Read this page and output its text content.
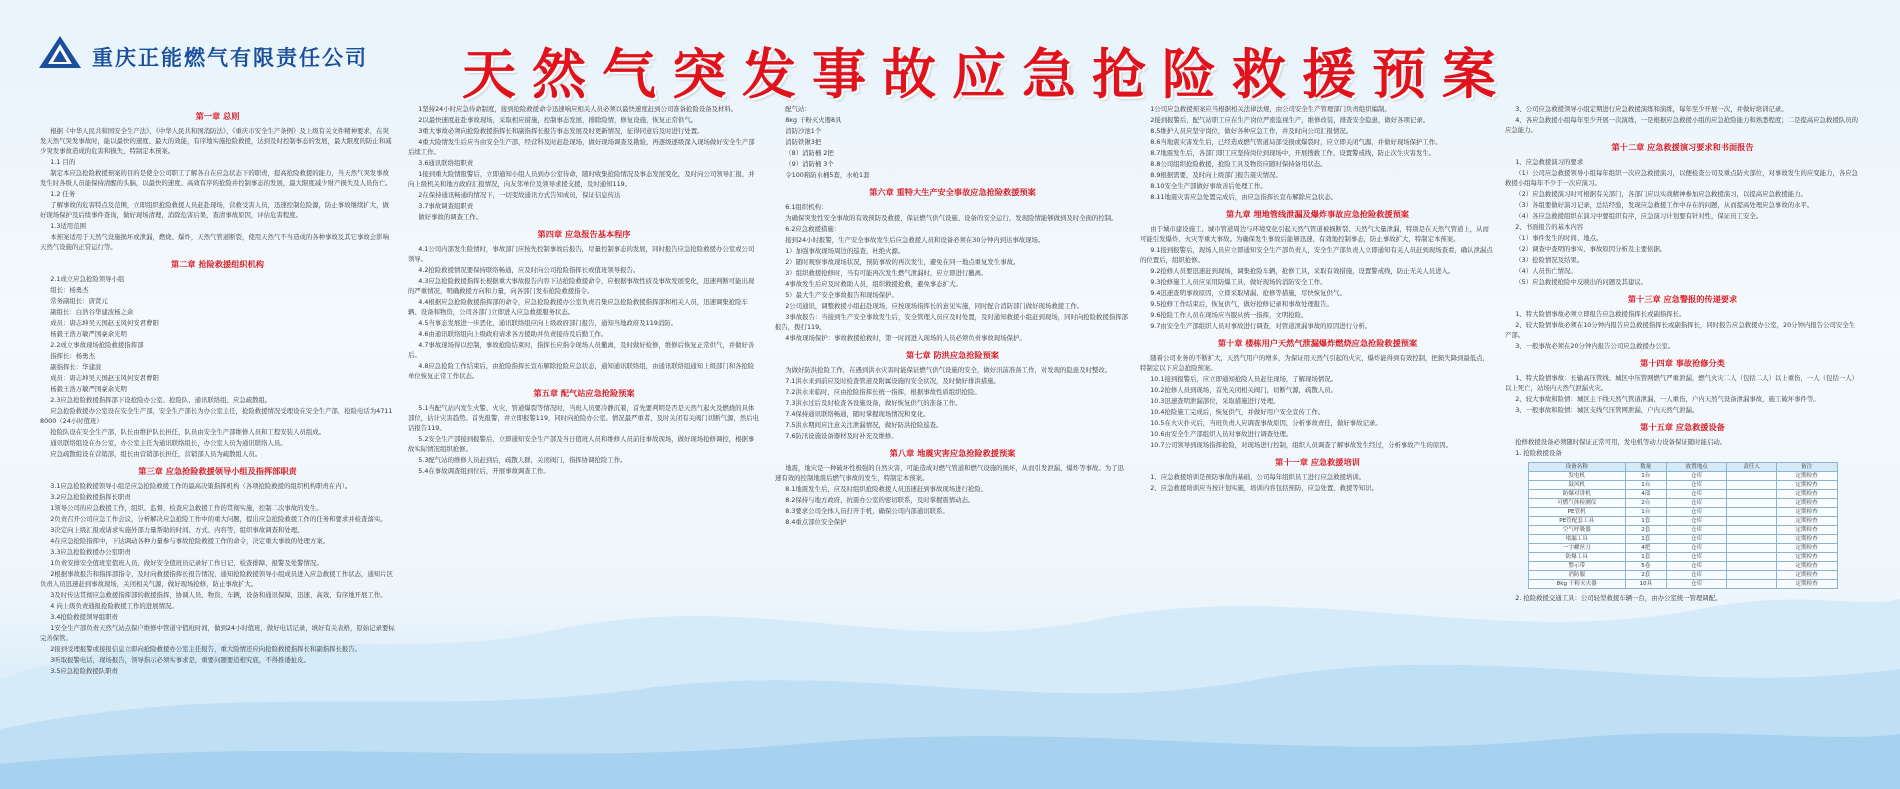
重庆正能燃气有限责任公司 天然气突发事故应急抢险救援预案
第一章 总则
根据《中华人民共和国安全生产法》、《中华人民共和国消防法》、《重庆市安全生产条例》及上级有关文件精神要求，在突发天然气突发事故时，能以最快的速度、最大的效能，有序地实施抢险救援，达到及时控制事态的发展，最大限度的防止和减少突发事故造成的危害和损失，特制定本预案。
1.1 目的
制定本应急抢险救援预案的目的是使全公司职工了解各自在应急状态下的职责，提高抢险救援的能力，当天然气突发事故发生时各级人员能保持清醒的头脑，以最快的速度、高效有序的抢险并控制事态的发展，最大限度减少财产损失及人员伤亡。
1.2 任务
了解事故的危害特点及范围，立即组织抢险救援人员赶赴现场，营救受害人员，迅速控制危险源，防止事故继续扩大，做好现场保护及后续事件查询，做好现场清理，消除危害后果，查清事故原因，评估危害程度。
1.3适用范围
本预案适用于天然气设施损坏或泄漏，燃烧、爆炸，天然气管道断裂，使用天然气不当造成的各种事故及其它事故会影响天然气设施的正常运行等。
第二章 抢险救援组织机构
2.1成立应急抢险领导小组
组长：杨勇杰
常务副组长：唐贤元
副组长：白浩谷华建波杨之余
成员：唐志坤吴天国赵玉风何安君曹阳
杨毅王浩万敏严国豪余光明
2.2成立事故现场抢险救援指挥部
指挥长：杨勇杰
副指挥长：华建波
成员：唐志坤吴天国赵玉风何安君曹阳
杨毅王浩万敏严国豪余光明
2.3应急抢险救援指挥部下设抢险办公室、抢险队、通讯联络组、应急疏散组。
应急抢险救援办公室设在安全生产部，安全生产部长为办公室主任，抢险救援情况受理设在安全生产部，抢险电话为47118000（24小时值班）
抢险队设在安全生产部，队长由维护队长担任，队员由安全生产部维修人员和工程安装人员组成。
通讯联络组设在办公室，办公室主任为通讯联络组长，办公室人员为通讯联络人员。
应急疏散组设在营销部，组长由营销部长担任，营销部人员为疏散组人员。
第三章 应急抢险救援领导小组及指挥部职责
3.1应急抢险救援领导小组是应急抢险救援工作的最高决策指挥机构（各项抢险救援的组织机构职责在内）。
3.2应急抢险救援指挥长职责
1领导公司的应急救援工作，组织、监督、检查应急救援工作的贯彻实施，控制二次事故的发生。
2负责召开公司应急工作会议，分析解决应急抢险工作中的重大问题，提出应急抢险救援工作的任务和要求并检查落实。
3决定向上级汇报或请求实施外部力量帮助的时间、方式、内容等，组织事故调查和处理。
4在应急抢险指挥中，下达调动各种力量参与事故抢险救援工作的命令，决定重大事故的处理方案。
3.3应急抢险救援办公室职责
1负责安排安全值班室值班人员，做好安全值班员记录好工作日记，检查排障，报警及处警情况。
2根据事故报告和指挥部指令，及时向救援指挥长报告情况，通知抢险救援领导小组成员进入应急救援工作状态，通知片区负责人员迅速赶到事故现场，关闭相关气源，做好现场抢修，防止事故扩大。
3及时传达贯彻应急救援指挥部的救援指挥，协调人员、物资、车辆，设备和通讯保障，迅速、高效、有序地开展工作。
4 向上级负责通报抢险救援工作的进展情况。
3.4抢险救援领导组职责
1安全生产部负责天然气站点保户维修中管道守值班时间，做到24小时值班，做好电话记录，填好有关表格，原始记录要标完善保管。
2接到受理报警或接报信息立即向抢险救援办公室主任报告，重大险情还应向抢险救援指挥长和副指挥长报告。
3听取报警电话，现场报告，领导指示必须实事求是，重要问题要追根究底，不得推诿扯皮。
3.5应急抢险救援队职责
1坚持24小时应急待命制度，接到抢险救援命令迅速响应相关人员必须以最快速度赶到公司准备抢险设备及材料。
2以最快速度赶赴事故现场，采取相应措施，控制事态发展，排除险情，修复设施，恢复正常供气。
3重大事故必须向抢险救援指挥长和副指挥长报告事态发展及时更新情况，征得同意后及时进行处置。
4重大险情发生后应当由安全生产部，经营科及时赶赴现场，做好现场调查及勘验，再逐级逐级深入现场做好安全生产部后续工作。
3.6通讯联络组职责
1接到重大险情报警后，立即通知小组人员到办公室待命，随时收集抢险情况及事态发展变化，及时向公司领导汇报，并向上级机关和地方政府汇报情况，向友邻单位及领导求援支援，及时通知119。
2在保持通讯畅通的情况下，一切变故通讯方式告知成员，保证信息传达
3.7事故调查组职责
做好事故的调查工作。
第四章 应急报告基本程序
4.1公司内部发生险情时，事故部门应按先控制事故后报告，尽量控制事态的发展，同时报告应急抢险救援办公室或公司领导。
4.2抢险救援情况要保持联络畅通，应及时向公司抢险指挥长或值班领导报告。
4.3应急抢险救援指挥长根据重大事故报告内容下达抢险救援命令，应根据事故性质及事故发展变化，迅速判断可能出现的严重情况，明确救援方向和力量，向各部门发布抢险救援指令。
4.4根据应急抢险救援指挥部的命令，应急抢险救援办公室负责召集应急抢险救援指挥部和相关人员，迅速调集抢险车辆、设备和物资，公司各部门立即进入应急救援服务状态。
4.5当事态发展进一步恶化，通讯联络组应向上级政府部门报告，通知当地政府及119消防。
4.6由通讯联络组向上级政府请求各方援助并负责接待及后勤工作。
4.7事故现场得以控制，事故抢险结束时，指挥长应指令现场人员撤离，及时做好检修，维修后恢复正常供气，并做好善后。
4.8应急抢险工作结束后，由抢险指挥长宣布解除抢险应急状态，通知通讯联络组，由通讯联络组通知上级部门和各抢险单位恢复正常工作状态。
第五章 配气站应急抢险预案
5.1当配气站内发生火警、火灾、管道爆裂等情况时，当班人员要冷静沉着，首先要判明是否是天然气起火及燃烧的具体部位，估计灾害趋势。首先报警，并立即报警119，同时向抢险办公室。情况最严重者，及时关闭有关阀门切断气源，然后电话报告119。
5.2安全生产部接到报警后，立即通知安全生产部及当日值班人员和维修人员前往事故现场，做好现场抢修调控，根据事故实际情况组织抢修。
5.3配气站的维修人员赶到后，疏散人群，关闭阀门，指挥协调抢险工作。
5.4在事故调查组到位后，开展事故调查工作。
配气站：
8kg 干粉灭火器8具
消防沙池1个
消防铁锹3把
（8）消防桶 2把
（9）消防桶 3个
令100箱防水桶5套，水枪1套
第六章 重特大生产安全事故应急抢险救援预案
6.1组织机构：
为确保突发性安全事故的有效预防及救援，保证燃气供气设施、设备的安全运行，发现险情能够做到及时全面的控制。
6.2应急救援措施：
接到24小时报警，生产安全事故发生后应急救援人员和设备必须在30分钟内到达事故现场。
1）加强事故现场周边的巡查，杜绝火源。
2）随时观察事故现场状况，预防事故的再次发生，避免在同一地点重复发生事故。
3）组织救援抢修时，当有可能再次发生燃气泄漏时，应立即进行撤离。
4事故发生后应及时救助人员，组织救援抢救，避免事态扩大。
5）最大生产安全事故报告和现场保护。
2公司通讯，调整救援小组赶赴现场，应按现场指挥长的意见实施，同时配合消防部门做好现场救援工作。
3事故报告：当接到生产安全事故发生后，安全管理人员应及时处置，及时通知救援小组赶到现场，同时向抢险救援指挥部报告，拨打119。
4事故现场保护：事故救援抢救时，第一时间进入现场的人员必须负责事故现场保护。
第七章 防洪应急抢险预案
为做好防洪抢险工作，在遇到洪水灾害时能保证燃气供气设施的安全，做好汛前准备工作，对发现的隐患及时整改。
7.1洪水来到前应及时检查管道及附属设施的安全状况，及时做好排洪措施。
7.2洪水来临时，应由抢险指挥长统一指挥，根据事故性质组织抢险。
7.3洪水过后及时检查各设施设备，做好恢复供气的准备工作。
7.4保持通讯联络畅通，随时掌握现场情况和变化。
7.5洪水期间应注意关注泄漏情况，做好防洪抢险巡查。
7.6防汛设施设备器材及时补充及维修。
第八章 地震灾害应急抢险救援预案
地震，地灾是一种破坏性极强的自然灾害，可能造成对燃气管道和燃气设施的损坏，从而引发泄漏、爆炸等事故。为了迅速有效的控制地震后燃气事故的发生，特制定本预案。
8.1地震发生后，应及时组织抢险救援人员迅速赶到事故现场进行抢险。
8.2保持与地方政府、抗震办公室的密切联系，及时掌握震情动态。
8.3要求公司全体人员打开手机，确保公司内部通讯联系。
8.4重点部位安全保护
1公司应急救援预案应当根据相关法律法规，由公司安全生产管理部门负责组织编制。
2接到报警后，配气站职工应在生产岗位严密监视生产，维修改装，排查安全隐患，做好各项记录。
8.5维护人员应坚守岗位，做好各种应急工作，并及时向公司汇报情况。
8.6当地震灾害发生后，已经造成燃气管道局部受损或爆裂时，应立即关闭气源，并做好现场保护工作。
8.7地震发生后，各部门职工应坚持岗位到现场中，开展搜救工作，设置警戒线，防止次生灾害发生。
8.8公司组织抢险救援，抢险工具及物资应随时保持备用状态。
8.9根据需要，及时向上级部门报告震灾情况。
8.10安全生产部做好事故善后处理工作。
8.11地震灾害应急处置完成后，由应急指挥长宣布解除应急状态。
第九章 埋地管线泄漏及爆炸事故应急抢险救援预案
由于城市建设施工、城市管道周边与环境变化引起天然气管道被损断裂、天然气大量泄漏，特别是在天然气管道上，从而可能引发爆炸、火灾等重大事故。为确保发生事故后能够迅速、有效地控制事态，防止事故扩大，特制定本预案。
9.1接到报警后，现场人员应立即通知安全生产部负责人，安全生产部负责人立即通知有关人员赶到现场查看，确认泄漏点的位置后，组织抢修。
9.2抢修人员要迅速赶到现场，调集抢险车辆，抢修工具，采取有效措施，设置警戒线，防止无关人员进入。
9.3抢修施工人员应采用防爆工具，做好现场的消防安全工作。
9.4迅速查明事故原因，立即采取堵漏、抢修等措施，尽快恢复供气。
9.5抢修工作结束后，恢复供气，做好抢修记录和事故处理报告。
9.6抢险工作人员在现场应当服从统一指挥，文明抢险。
9.7由安全生产部组织人员对事故进行调查，对管道泄漏事故的原因进行分析。
第十章 楼栋用户天然气泄漏爆炸燃烧应急抢险救援预案
随着公司业务的不断扩大，天然气用户的增多，为保证用天然气引起的火灾、爆炸能得到有效控制，把损失降到最低点，特制定以下应急抢险预案。
10.1接到报警后，应立即通知抢险人员赶往现场，了解现场情况。
10.2抢修人员到现场，首先关闭相关阀门，切断气源，疏散人员。
10.3迅速查明泄漏部位，采取措施进行处理。
10.4抢险施工完成后，恢复供气，并做好用户安全宣传工作。
10.5在火灾扑灭后，当班负责人应调查事故原因，分析事故责任，做好事故记录。
10.6由安全生产部组织人员对事故进行调查处理。
10.7公司领导到现场指挥抢险，对现场进行控制，组织人员调查了解事故发生经过，分析事故产生的原因。
第十一章 应急救援培训
1、应急救援培训是预防事故的基础，公司每年组织员工进行应急救援培训。
2、应急救援培训应当按计划实施，培训内容包括预防、应急处置、救援等知识。
3、公司应急救援领导小组定期进行应急救援演练和演练，每年至少开展一次，并做好培训记录。
4、各应急救援小组每年至少开展一次演练，一是根据应急救援小组的应急抢险能力和熟悉程度；二是提高应急救援队员的应急能力。
第十二章 应急救援演习要求和书面报告
1、应急救援演习的要求
（1）公司应急救援领导小组每年组织一次应急救援演习，以便检查公司及重点防火部位，对事故发生的应变能力，各应急救援小组每年不少于一次应演习。
（2）应急救援演习时可根据有关部门，各部门应以实战精神参加应急救援演习，以提高应急救援能力。
（3）各组要做好演习记录，总结经验，发现应急救援工作中存在的问题，从而提高处理应急事故的水平。
（4）各应急救援组织在演习中要组织有序，应急演习计划要有针对性，保证员工安全。
2、书面报告的基本内容
（1）事件发生的时间、地点。
（2）调查中查明的事实、事故原因分析及主要依据。
（3）抢险情况及结果。
（4）人员伤亡情况。
（5）应急救援抢险中反映出的问题及其建议。
第十三章 应急警报的传递要求
1、特大险情事故必须立即报告应急救援指挥长或副指挥长。
2、较大险情事故必须在10分钟内报告应急救援指挥长或副指挥长，同时报告应急救援办公室，20分钟内报告公司安全生产部。
3、一般事故必须在20分钟内报告公司应急救援办公室。
第十四章 事故抢修分类
1、特大险情事故：长输高压管线、城区中压管网燃气严重泄漏，燃气火灾二人（包括二人）以上重伤，一人（包括一人）以上死亡，站场内天然气泄漏火灾。
2、较大事故和险情：城区主干线天然气管道泄漏，一人重伤，户内天然气设备泄漏事故，施工破坏事件等。
3、一般事故和险情：城区支线气压管网泄漏，户内天然气泄漏。
第十五章 应急救援设备
抢修救援设备必须随时保证正常可用，发电机等动力设备保证随时能启动。
1. 抢险救援设备
设备名称	数量	放置地点	责任人	备注
发电机	1台	仓库		定期检查
鼓风机	1台	仓库		定期检查
防爆对讲机	4部	仓库		定期检查
可燃气体检测仪	2台	仓库		定期检查
PE管机	1台	仓库		定期检查
PE管配套工具	1套	仓库		定期检查
空气呼吸器	2套	仓库		定期检查
堵漏工具	1套	仓库		定期检查
一字螺丝刀	4把	仓库		定期检查
防爆工具	1套	仓库		定期检查
警示带	5卷	仓库		定期检查
消防服	2套	仓库		定期检查
8kg 干粉灭火器	10具	仓库		定期检查
2. 抢险救援交通工具：公司轻型救援车辆一台，由办公室统一管理调配。
